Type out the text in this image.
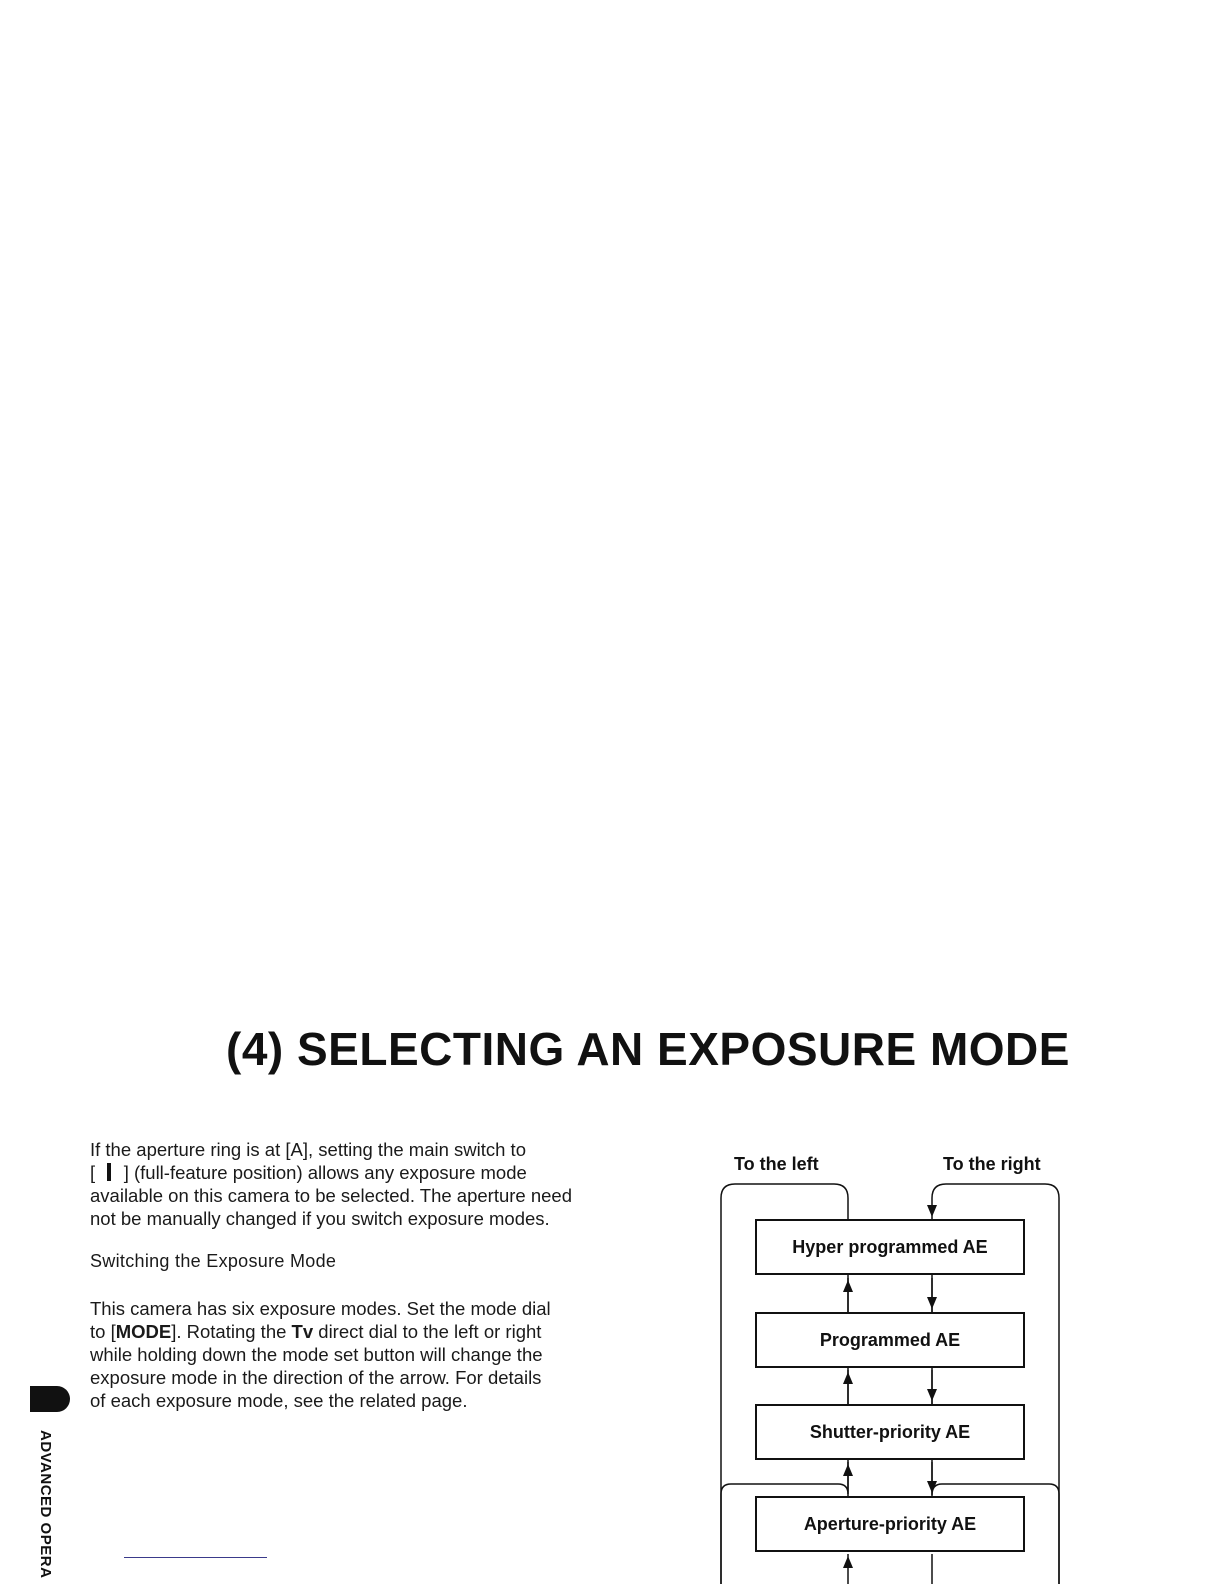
(4) SELECTING AN EXPOSURE MODE
If the aperture ring is at [A], setting the main switch to
[ ] (full-feature position) allows any exposure mode
available on this camera to be selected. The aperture need
not be manually changed if you switch exposure modes.
Switching the Exposure Mode
This camera has six exposure modes. Set the mode dial
to [MODE]. Rotating the Tv direct dial to the left or right
while holding down the mode set button will change the
exposure mode in the direction of the arrow. For details
of each exposure mode, see the related page.
ADVANCED OPERA
To the left	To the right
Hyper programmed AE
Programmed AE
Shutter-priority AE
Aperture-priority AE
